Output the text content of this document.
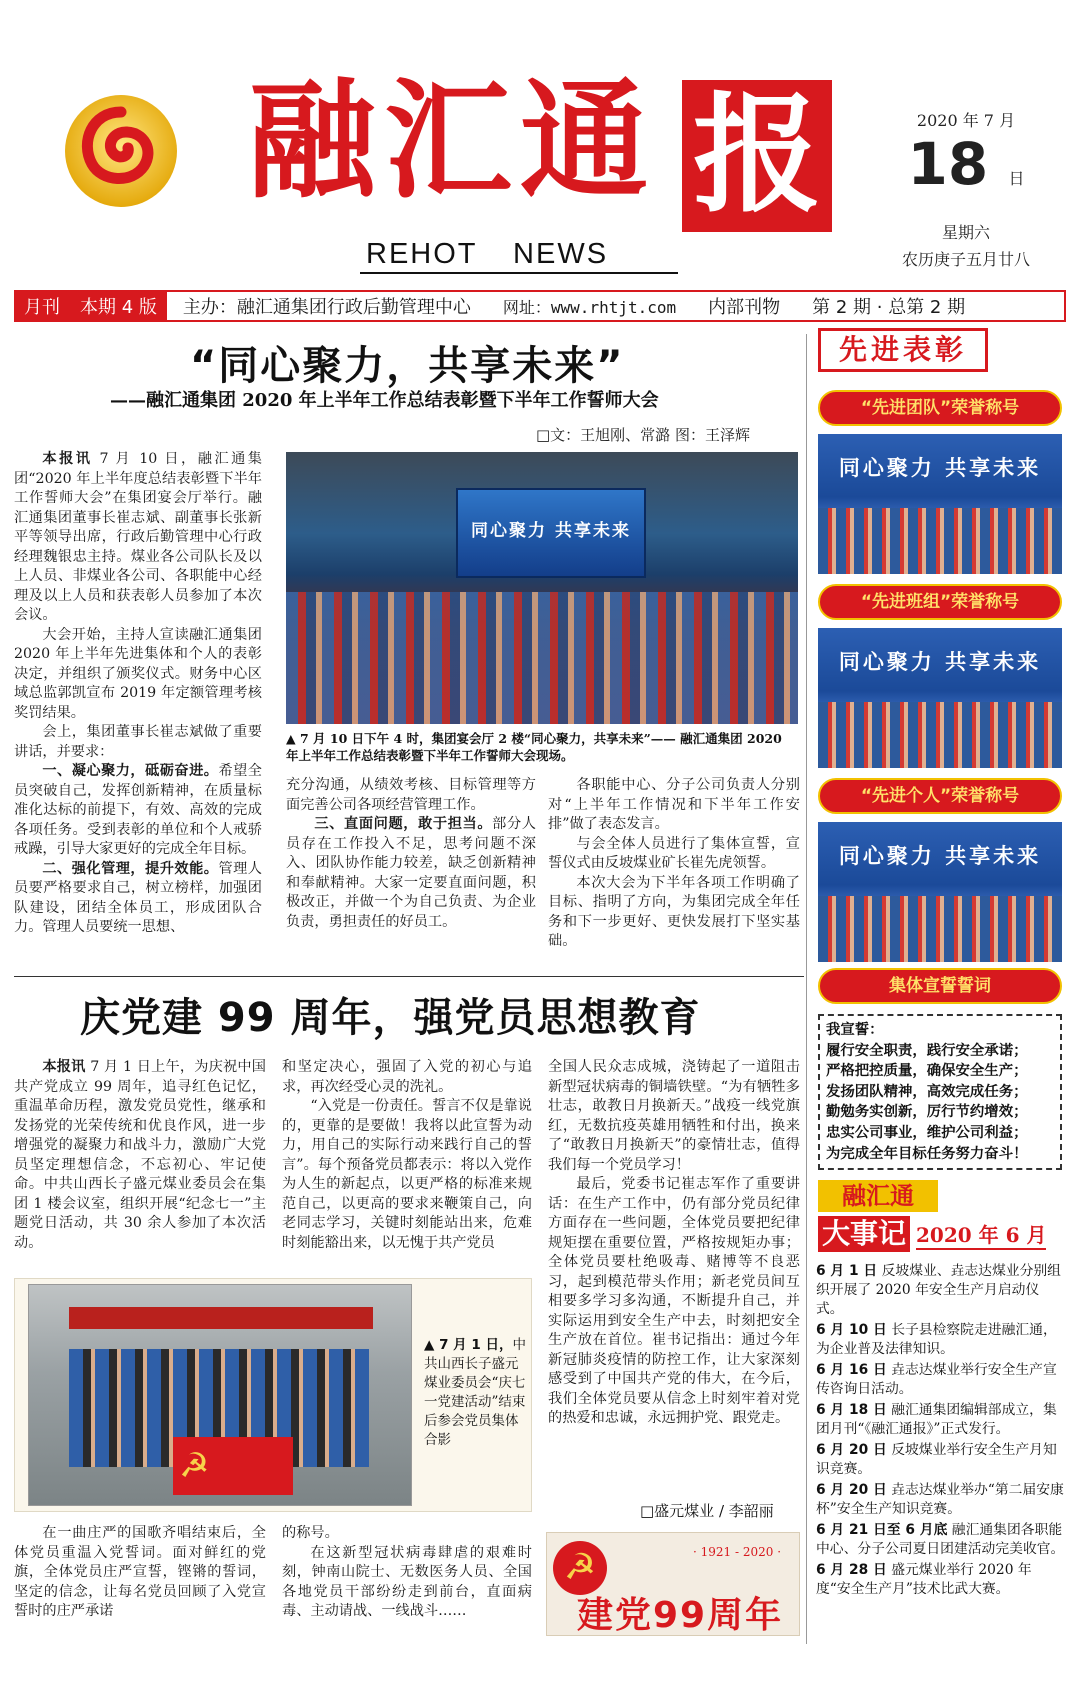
融汇通 报
REHOT NEWS
2020 年 7 月
18 日
星期六
农历庚子五月廿八
月刊 本期 4 版	主办：融汇通集团行政后勤管理中心	网址：www.rhtjt.com	内部刊物	第 2 期 · 总第 2 期
“同心聚力，共享未来”
——融汇通集团 2020 年上半年工作总结表彰暨下半年工作誓师大会
□文：王旭刚、常潞 图：王泽辉

本报讯 7 月 10 日，融汇通集团“2020 年上半年度总结表彰暨下半年工作誓师大会”在集团宴会厅举行。融汇通集团董事长崔志斌、副董事长张新平等领导出席，行政后勤管理中心行政经理魏银忠主持。煤业各公司队长及以上人员、非煤业各公司、各职能中心经理及以上人员和获表彰人员参加了本次会议。

大会开始，主持人宣读融汇通集团 2020 年上半年先进集体和个人的表彰决定，并组织了颁奖仪式。财务中心区域总监郭凯宣布 2019 年定额管理考核奖罚结果。

会上，集团董事长崔志斌做了重要讲话，并要求：

一、凝心聚力，砥砺奋进。希望全员突破自己，发挥创新精神，在质量标准化达标的前提下，有效、高效的完成各项任务。受到表彰的单位和个人戒骄戒躁，引导大家更好的完成全年目标。

二、强化管理，提升效能。管理人员要严格要求自己，树立榜样，加强团队建设，团结全体员工，形成团队合力。管理人员要统一思想、

同心聚力 共享未来
▲ 7 月 10 日下午 4 时，集团宴会厅 2 楼“同心聚力，共享未来”—— 融汇通集团 2020 年上半年工作总结表彰暨下半年工作誓师大会现场。

充分沟通，从绩效考核、目标管理等方面完善公司各项经营管理工作。

三、直面问题，敢于担当。部分人员存在工作投入不足，思考问题不深入、团队协作能力较差，缺乏创新精神和奉献精神。大家一定要直面问题，积极改正，并做一个为自己负责、为企业负责，勇担责任的好员工。

各职能中心、分子公司负责人分别对“上半年工作情况和下半年工作安排”做了表态发言。

与会全体人员进行了集体宣誓，宣誓仪式由反坡煤业矿长崔先虎领誓。

本次大会为下半年各项工作明确了目标、指明了方向，为集团完成全年任务和下一步更好、更快发展打下坚实基础。

先进表彰
“先进团队”荣誉称号
同心聚力 共享未来
“先进班组”荣誉称号
同心聚力 共享未来
“先进个人”荣誉称号
同心聚力 共享未来
集体宣誓誓词
我宣誓：
履行安全职责，践行安全承诺；
严格把控质量，确保安全生产；
发扬团队精神，高效完成任务；
勤勉务实创新，厉行节约增效；
忠实公司事业，维护公司利益；
为完成全年目标任务努力奋斗！
融汇通
大事记 2020 年 6 月
6 月 1 日 反坡煤业、垚志达煤业分别组织开展了 2020 年安全生产月启动仪式。
6 月 10 日 长子县检察院走进融汇通，为企业普及法律知识。
6 月 16 日 垚志达煤业举行安全生产宣传咨询日活动。
6 月 18 日 融汇通集团编辑部成立，集团月刊“《融汇通报》”正式发行。
6 月 20 日 反坡煤业举行安全生产月知识竞赛。
6 月 20 日 垚志达煤业举办“第二届安康杯”安全生产知识竞赛。
6 月 21 日至 6 月底 融汇通集团各职能中心、分子公司夏日团建活动完美收官。
6 月 28 日 盛元煤业举行 2020 年度“安全生产月”技术比武大赛。
庆党建 99 周年，强党员思想教育

本报讯 7 月 1 日上午，为庆祝中国共产党成立 99 周年，追寻红色记忆，重温革命历程，激发党员党性，继承和发扬党的光荣传统和优良作风，进一步增强党的凝聚力和战斗力，激励广大党员坚定理想信念，不忘初心、牢记使命。中共山西长子盛元煤业委员会在集团 1 楼会议室，组织开展“纪念七一”主题党日活动，共 30 余人参加了本次活动。

和坚定决心，强固了入党的初心与追求，再次经受心灵的洗礼。

“入党是一份责任。誓言不仅是靠说的，更靠的是要做！我将以此宣誓为动力，用自己的实际行动来践行自己的誓言”。每个预备党员都表示：将以入党作为人生的新起点，以更严格的标准来规范自己，以更高的要求来鞭策自己，向老同志学习，关键时刻能站出来，危难时刻能豁出来，以无愧于共产党员

全国人民众志成城，浇铸起了一道阻击新型冠状病毒的铜墙铁壁。“为有牺牲多壮志，敢教日月换新天。”战疫一线党旗红，无数抗疫英雄用牺牲和付出，换来了“敢教日月换新天”的豪情壮志，值得我们每一个党员学习！

最后，党委书记崔志军作了重要讲话：在生产工作中，仍有部分党员纪律方面存在一些问题，全体党员要把纪律规矩摆在重要位置，严格按规矩办事；全体党员要杜绝吸毒、赌博等不良恶习，起到模范带头作用；新老党员间互相要多学习多沟通，不断提升自己，并实际运用到安全生产中去，时刻把安全生产放在首位。崔书记指出：通过今年新冠肺炎疫情的防控工作，让大家深刻感受到了中国共产党的伟大，在今后，我们全体党员要从信念上时刻牢着对党的热爱和忠诚，永远拥护党、跟党走。

☭
▲ 7 月 1 日，中共山西长子盛元煤业委员会“庆七一党建活动”结束后参会党员集体合影

在一曲庄严的国歌齐唱结束后，全体党员重温入党誓词。面对鲜红的党旗，全体党员庄严宣誓，铿锵的誓词，坚定的信念，让每名党员回顾了入党宣誓时的庄严承诺

的称号。

在这新型冠状病毒肆虐的艰难时刻，钟南山院士、无数医务人员、全国各地党员干部纷纷走到前台，直面病毒、主动请战、一线战斗……

□盛元煤业 / 李韶丽
☭	· 1921 - 2020 ·
建党99周年
